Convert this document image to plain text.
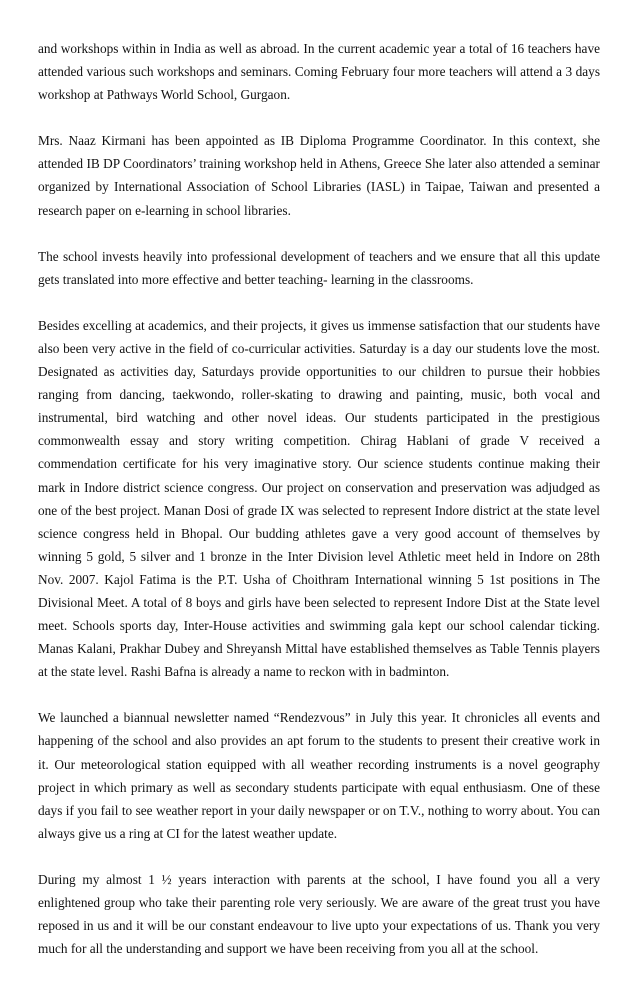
and workshops within in India as well as abroad. In the current academic year a total of 16 teachers have attended various such workshops and seminars. Coming February four more teachers will attend a 3 days workshop at Pathways World School, Gurgaon.

Mrs. Naaz Kirmani has been appointed as IB Diploma Programme Coordinator. In this context, she attended IB DP Coordinators’ training workshop held in Athens, Greece She later also attended a seminar organized by International Association of School Libraries (IASL) in Taipae, Taiwan and presented a research paper on e-learning in school libraries.

The school invests heavily into professional development of teachers and we ensure that all this update gets translated into more effective and better teaching- learning in the classrooms.

Besides excelling at academics, and their projects, it gives us immense satisfaction that our students have also been very active in the field of co-curricular activities. Saturday is a day our students love the most. Designated as activities day, Saturdays provide opportunities to our children to pursue their hobbies ranging from dancing, taekwondo, roller-skating to drawing and painting, music, both vocal and instrumental, bird watching and other novel ideas. Our students participated in the prestigious commonwealth essay and story writing competition. Chirag Hablani of grade V received a commendation certificate for his very imaginative story. Our science students continue making their mark in Indore district science congress. Our project on conservation and preservation was adjudged as one of the best project. Manan Dosi of grade IX was selected to represent Indore district at the state level science congress held in Bhopal. Our budding athletes gave a very good account of themselves by winning 5 gold, 5 silver and 1 bronze in the Inter Division level Athletic meet held in Indore on 28th Nov. 2007. Kajol Fatima is the P.T. Usha of Choithram International winning 5 1st positions in The Divisional Meet. A total of 8 boys and girls have been selected to represent Indore Dist at the State level meet. Schools sports day, Inter-House activities and swimming gala kept our school calendar ticking. Manas Kalani, Prakhar Dubey and Shreyansh Mittal have established themselves as Table Tennis players at the state level. Rashi Bafna is already a name to reckon with in badminton.

We launched a biannual newsletter named “Rendezvous” in July this year. It chronicles all events and happening of the school and also provides an apt forum to the students to present their creative work in it. Our meteorological station equipped with all weather recording instruments is a novel geography project in which primary as well as secondary students participate with equal enthusiasm. One of these days if you fail to see weather report in your daily newspaper or on T.V., nothing to worry about. You can always give us a ring at CI for the latest weather update.

During my almost 1 ½ years interaction with parents at the school, I have found you all a very enlightened group who take their parenting role very seriously. We are aware of the great trust you have reposed in us and it will be our constant endeavour to live upto your expectations of us. Thank you very much for all the understanding and support we have been receiving from you all at the school.
